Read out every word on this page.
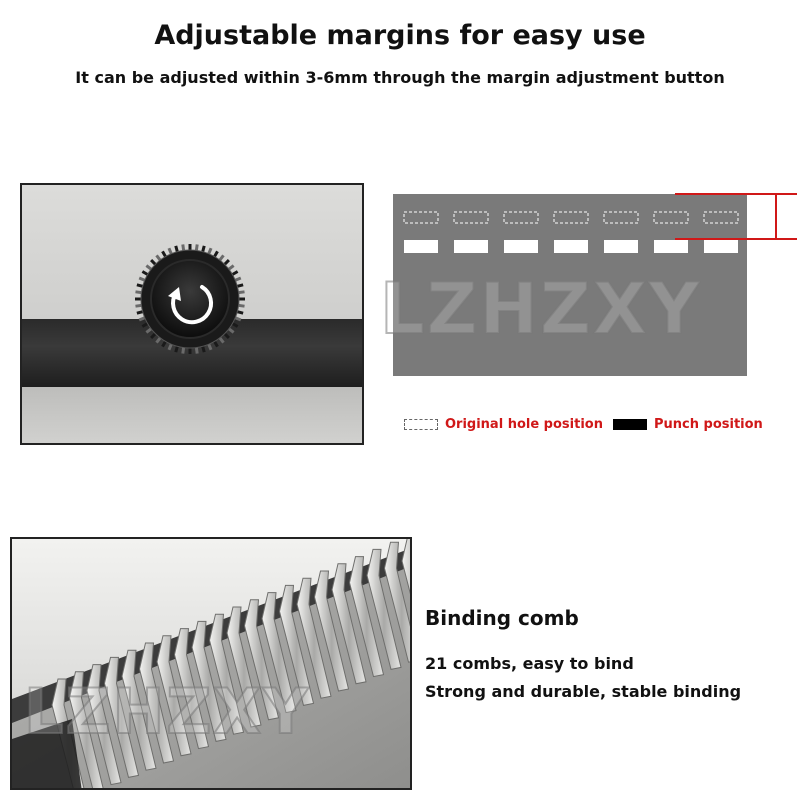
Adjustable margins for easy use
It can be adjusted within 3-6mm through the margin adjustment button
Original hole position	Punch position
Binding comb
21 combs, easy to bind
Strong and durable, stable binding
